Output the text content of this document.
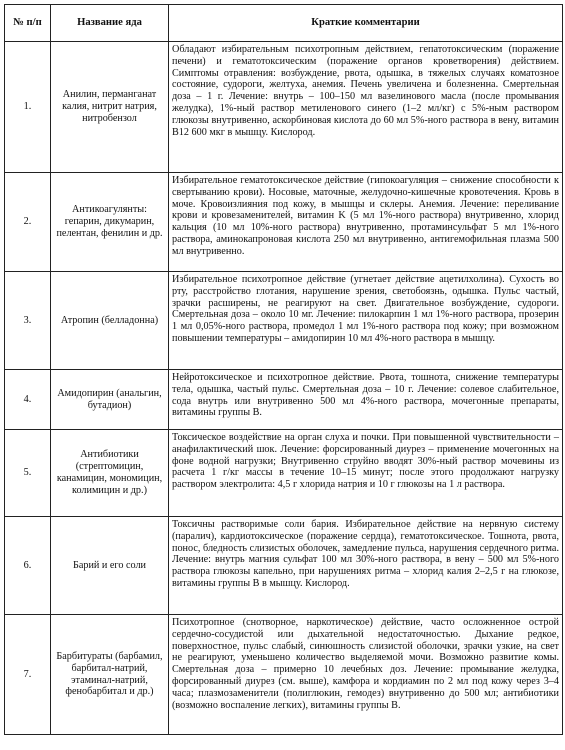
№ п/п	Название яда	Краткие комментарии
1.	Анилин, перманганат калия, нитрит натрия, нитробензол	Обладают избирательным психотропным действием, гепатотоксическим (поражение печени) и гематотоксическим (поражение органов кроветворения) действием. Симптомы отравления: возбуждение, рвота, одышка, в тяжелых случаях коматозное состояние, судороги, желтуха, анемия. Печень увеличена и болезненна. Смертельная доза – 1 г. Лечение: внутрь – 100–150 мл вазелинового масла (после промывания желудка), 1%-ный раствор метиленового синего (1–2 мл/кг) с 5%-ным раствором глюкозы внутривенно, аскорбиновая кислота до 60 мл 5%-ного раствора в вену, витамин B12 600 мкг в мышцу. Кислород.
2.	Антикоагулянты: гепарин, дикумарин, пелентан, фенилин и др.	Избирательное гематотоксическое действие (гипокоагуляция – снижение способности к свертыванию крови). Носовые, маточные, желудочно-кишечные кровотечения. Кровь в моче. Кровоизлияния под кожу, в мышцы и склеры. Анемия. Лечение: переливание крови и кровезаменителей, витамин K (5 мл 1%-ного раствора) внутривенно, хлорид кальция (10 мл 10%-ного раствора) внутривенно, протаминсульфат 5 мл 1%-ного раствора, аминокапроновая кислота 250 мл внутривенно, антигемофильная плазма 500 мл внутривенно.
3.	Атропин (белладонна)	Избирательное психотропное действие (угнетает действие ацетилхолина). Сухость во рту, расстройство глотания, нарушение зрения, светобоязнь, одышка. Пульс частый, зрачки расширены, не реагируют на свет. Двигательное возбуждение, судороги. Смертельная доза – около 10 мг. Лечение: пилокарпин 1 мл 1%-ного раствора, прозерин 1 мл 0,05%-ного раствора, промедол 1 мл 1%-ного раствора под кожу; при возможном повышении температуры – амидопирин 10 мл 4%-ного раствора в мышцу.
4.	Амидопирин (анальгин, бутадион)	Нейротоксическое и психотропное действие. Рвота, тошнота, снижение температуры тела, одышка, частый пульс. Смертельная доза – 10 г. Лечение: солевое слабительное, сода внутрь или внутривенно 500 мл 4%-ного раствора, мочегонные препараты, витамины группы B.
5.	Антибиотики (стрептомицин, канамицин, мономицин, колимицин и др.)	Токсическое воздействие на орган слуха и почки. При повышенной чувствительности – анафилактический шок. Лечение: форсированный диурез – применение мочегонных на фоне водной нагрузки; Внутривенно струйно вводят 30%-ный раствор мочевины из расчета 1 г/кг массы в течение 10–15 минут; после этого продолжают нагрузку раствором электролита: 4,5 г хлорида натрия и 10 г глюкозы на 1 л раствора.
6.	Барий и его соли	Токсичны растворимые соли бария. Избирательное действие на нервную систему (паралич), кардиотоксическое (поражение сердца), гематотоксическое. Тошнота, рвота, понос, бледность слизистых оболочек, замедление пульса, нарушения сердечного ритма. Лечение: внутрь магния сульфат 100 мл 30%-ного раствора, в вену – 500 мл 5%-ного раствора глюкозы капельно, при нарушениях ритма – хлорид калия 2–2,5 г на глюкозе, витамины группы B в мышцу. Кислород.
7.	Барбитураты (барбамил, барбитал-натрий, этаминал-натрий, фенобарбитал и др.)	Психотропное (снотворное, наркотическое) действие, часто осложненное острой сердечно-сосудистой или дыхательной недостаточностью. Дыхание редкое, поверхностное, пульс слабый, синюшность слизистой оболочки, зрачки узкие, на свет не реагируют, уменьшено количество выделяемой мочи. Возможно развитие комы. Смертельная доза – примерно 10 лечебных доз. Лечение: промывание желудка, форсированный диурез (см. выше), камфора и кордиамин по 2 мл под кожу через 3–4 часа; плазмозаменители (полиглюкин, гемодез) внутривенно до 500 мл; антибиотики (возможно воспаление легких), витамины группы B.
